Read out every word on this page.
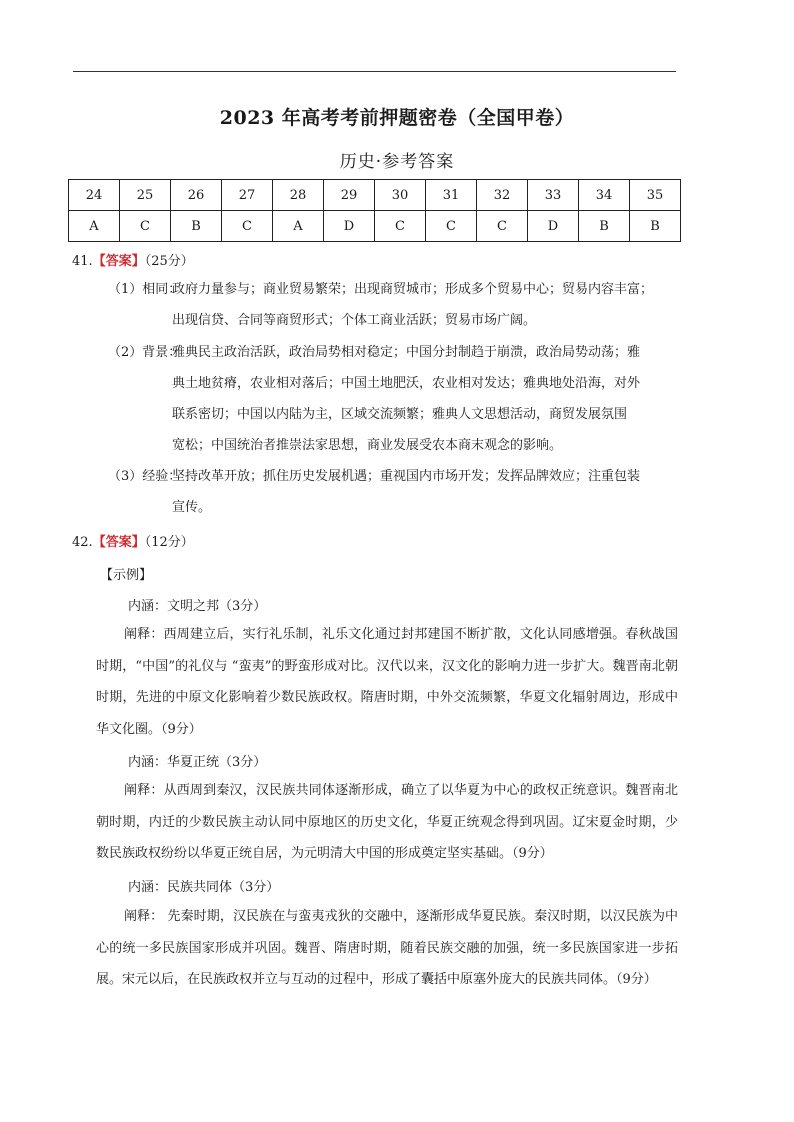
2023 年高考考前押题密卷（全国甲卷）
历史·参考答案
24	25	26	27	28	29	30	31	32	33	34	35
A	C	B	C	A	D	C	C	C	D	B	B
41.【答案】（25分）
（1）相同：
政府力量参与；商业贸易繁荣；出现商贸城市；形成多个贸易中心；贸易内容丰富；
出现信贷、合同等商贸形式；个体工商业活跃；贸易市场广阔。
（2）背景：
雅典民主政治活跃，政治局势相对稳定；中国分封制趋于崩溃，政治局势动荡；雅
典土地贫瘠，农业相对落后；中国土地肥沃，农业相对发达；雅典地处沿海，对外
联系密切；中国以内陆为主，区域交流频繁；雅典人文思想活动，商贸发展氛围
宽松；中国统治者推崇法家思想，商业发展受农本商末观念的影响。
（3）经验：
坚持改革开放；抓住历史发展机遇；重视国内市场开发；发挥品牌效应；注重包装
宣传。
42.【答案】（12分）
【示例】
内涵：文明之邦（3分）
阐释：西周建立后，实行礼乐制，礼乐文化通过封邦建国不断扩散，文化认同感增强。春秋战国时期，“中国”的礼仪与 “蛮夷”的野蛮形成对比。汉代以来，汉文化的影响力进一步扩大。魏晋南北朝时期，先进的中原文化影响着少数民族政权。隋唐时期，中外交流频繁，华夏文化辐射周边，形成中华文化圈。（9分）
内涵：华夏正统（3分）
阐释：从西周到秦汉，汉民族共同体逐渐形成，确立了以华夏为中心的政权正统意识。魏晋南北朝时期，内迁的少数民族主动认同中原地区的历史文化，华夏正统观念得到巩固。辽宋夏金时期，少数民族政权纷纷以华夏正统自居，为元明清大中国的形成奠定坚实基础。（9分）
内涵：民族共同体（3分）
阐释： 先秦时期，汉民族在与蛮夷戎狄的交融中，逐渐形成华夏民族。秦汉时期，以汉民族为中心的统一多民族国家形成并巩固。魏晋、隋唐时期，随着民族交融的加强，统一多民族国家进一步拓展。宋元以后，在民族政权并立与互动的过程中，形成了囊括中原塞外庞大的民族共同体。（9分）
